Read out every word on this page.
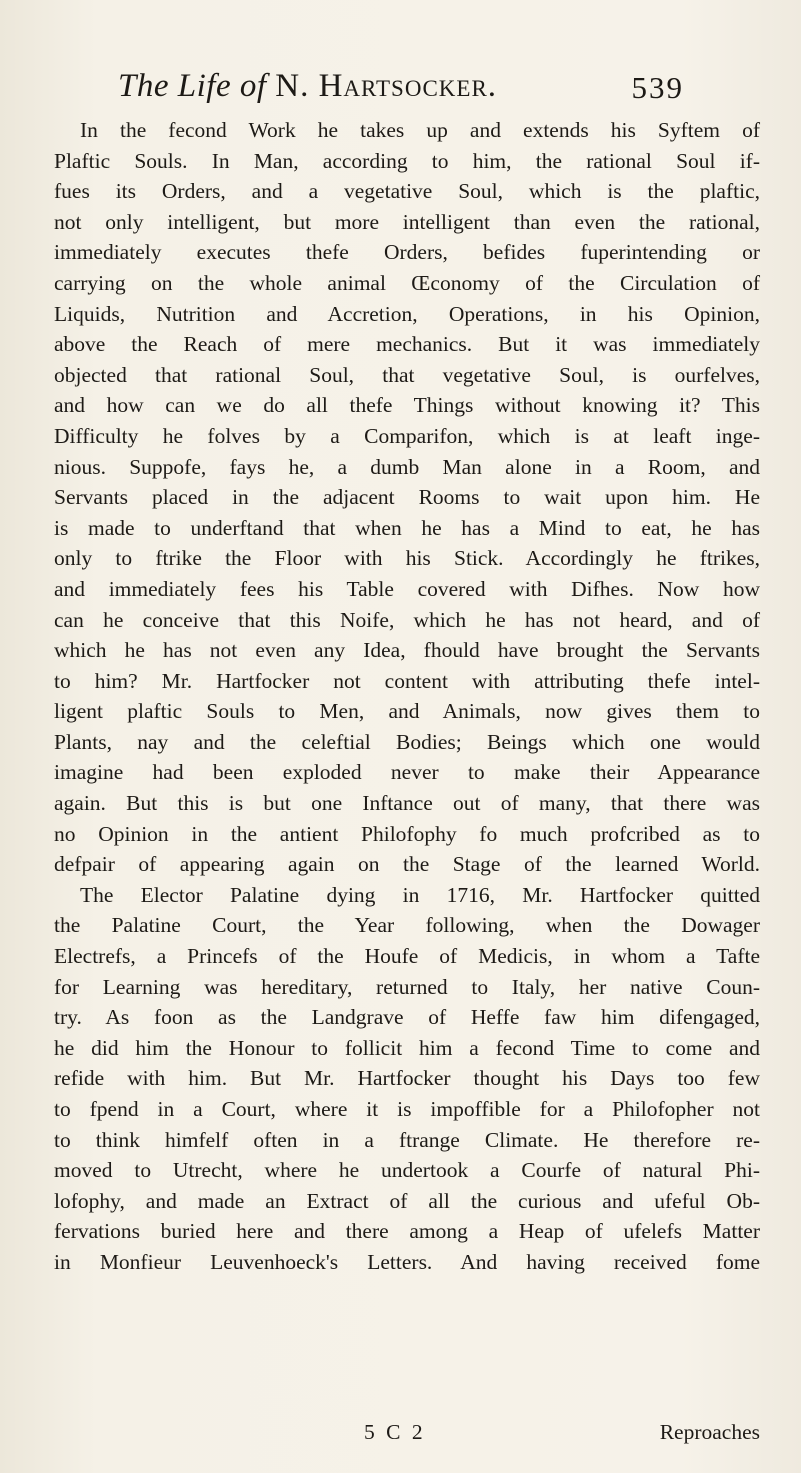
The Life of N. Hartsocker.	539
In the fecond Work he takes up and extends his Syftem of
Plaftic Souls. In Man, according to him, the rational Soul if-
fues its Orders, and a vegetative Soul, which is the plaftic,
not only intelligent, but more intelligent than even the rational,
immediately executes thefe Orders, befides fuperintending or
carrying on the whole animal Œconomy of the Circulation of
Liquids, Nutrition and Accretion, Operations, in his Opinion,
above the Reach of mere mechanics. But it was immediately
objected that rational Soul, that vegetative Soul, is ourfelves,
and how can we do all thefe Things without knowing it? This
Difficulty he folves by a Comparifon, which is at leaft inge-
nious. Suppofe, fays he, a dumb Man alone in a Room, and
Servants placed in the adjacent Rooms to wait upon him. He
is made to underftand that when he has a Mind to eat, he has
only to ftrike the Floor with his Stick. Accordingly he ftrikes,
and immediately fees his Table covered with Difhes. Now how
can he conceive that this Noife, which he has not heard, and of
which he has not even any Idea, fhould have brought the Servants
to him? Mr. Hartfocker not content with attributing thefe intel-
ligent plaftic Souls to Men, and Animals, now gives them to
Plants, nay and the celeftial Bodies; Beings which one would
imagine had been exploded never to make their Appearance
again. But this is but one Inftance out of many, that there was
no Opinion in the antient Philofophy fo much profcribed as to
defpair of appearing again on the Stage of the learned World.
The Elector Palatine dying in 1716, Mr. Hartfocker quitted
the Palatine Court, the Year following, when the Dowager
Electrefs, a Princefs of the Houfe of Medicis, in whom a Tafte
for Learning was hereditary, returned to Italy, her native Coun-
try. As foon as the Landgrave of Heffe faw him difengaged,
he did him the Honour to follicit him a fecond Time to come and
refide with him. But Mr. Hartfocker thought his Days too few
to fpend in a Court, where it is impoffible for a Philofopher not
to think himfelf often in a ftrange Climate. He therefore re-
moved to Utrecht, where he undertook a Courfe of natural Phi-
lofophy, and made an Extract of all the curious and ufeful Ob-
fervations buried here and there among a Heap of ufelefs Matter
in Monfieur Leuvenhoeck's Letters. And having received fome
5 C 2	Reproaches
